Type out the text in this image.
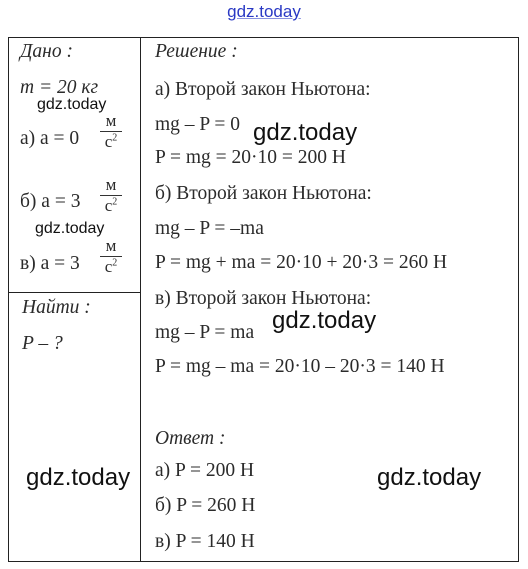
gdz.today
Дано :
m = 20 кг
gdz.today
а) a = 0
м
$с^2$
б) a = 3
м
$с^2$
gdz.today
в) a = 3
м
$с^2$
Найти :
P – ?
gdz.today
Решение :
а) Второй закон Ньютона:
mg – P = 0 gdz.today
P = mg = 20·10 = 200 Н
б) Второй закон Ньютона:
mg – P = –ma
P = mg + ma = 20·10 + 20·3 = 260 Н
в) Второй закон Ньютона:
mg – P = ma gdz.today
P = mg – ma = 20·10 – 20·3 = 140 Н
Ответ :
а) P = 200 Н	gdz.today
б) P = 260 Н
в) P = 140 Н
